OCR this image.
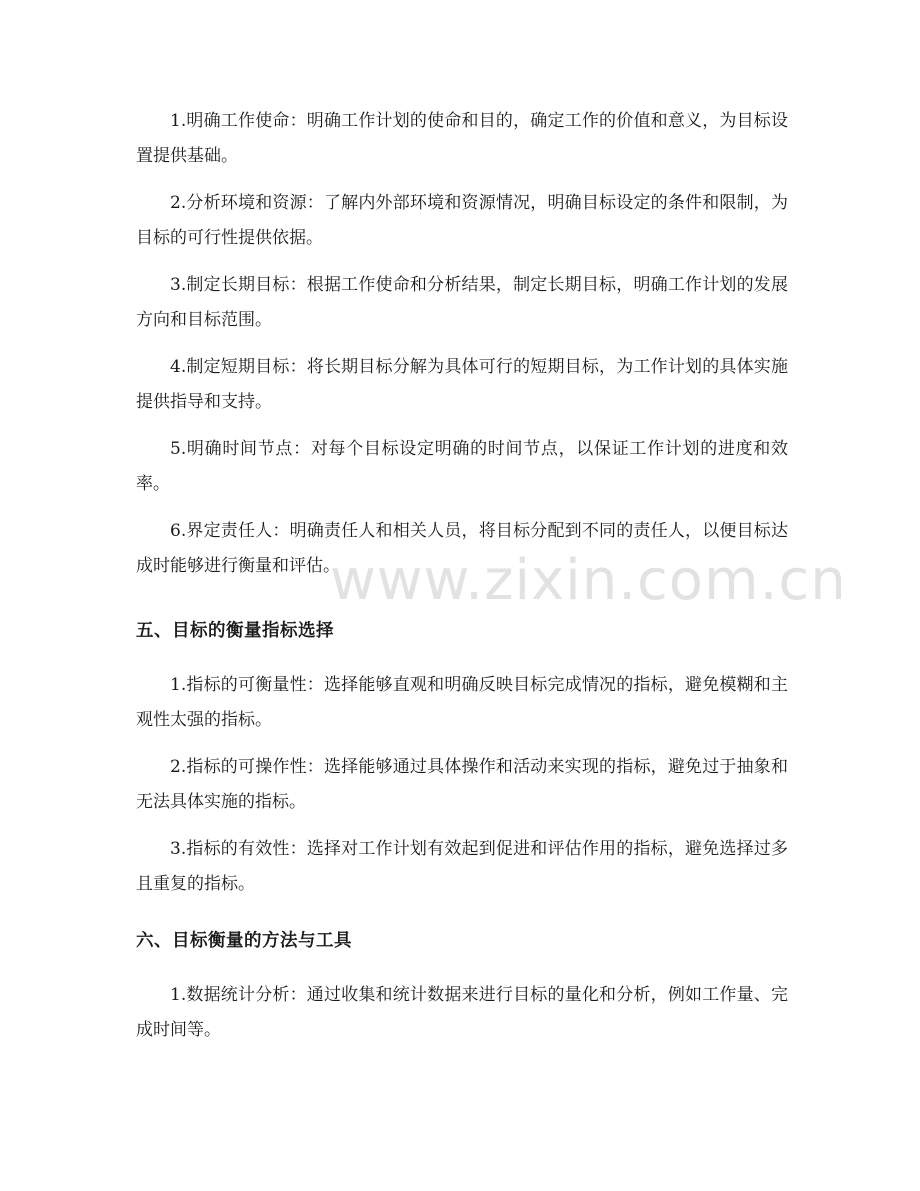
1.明确工作使命：明确工作计划的使命和目的，确定工作的价值和意义，为目标设置提供基础。

2.分析环境和资源：了解内外部环境和资源情况，明确目标设定的条件和限制，为目标的可行性提供依据。

3.制定长期目标：根据工作使命和分析结果，制定长期目标，明确工作计划的发展方向和目标范围。

4.制定短期目标：将长期目标分解为具体可行的短期目标，为工作计划的具体实施提供指导和支持。

5.明确时间节点：对每个目标设定明确的时间节点，以保证工作计划的进度和效率。

6.界定责任人：明确责任人和相关人员，将目标分配到不同的责任人，以便目标达成时能够进行衡量和评估。

五、目标的衡量指标选择

1.指标的可衡量性：选择能够直观和明确反映目标完成情况的指标，避免模糊和主观性太强的指标。

2.指标的可操作性：选择能够通过具体操作和活动来实现的指标，避免过于抽象和无法具体实施的指标。

3.指标的有效性：选择对工作计划有效起到促进和评估作用的指标，避免选择过多且重复的指标。

六、目标衡量的方法与工具

1.数据统计分析：通过收集和统计数据来进行目标的量化和分析，例如工作量、完成时间等。

www.zixin.com.cn
